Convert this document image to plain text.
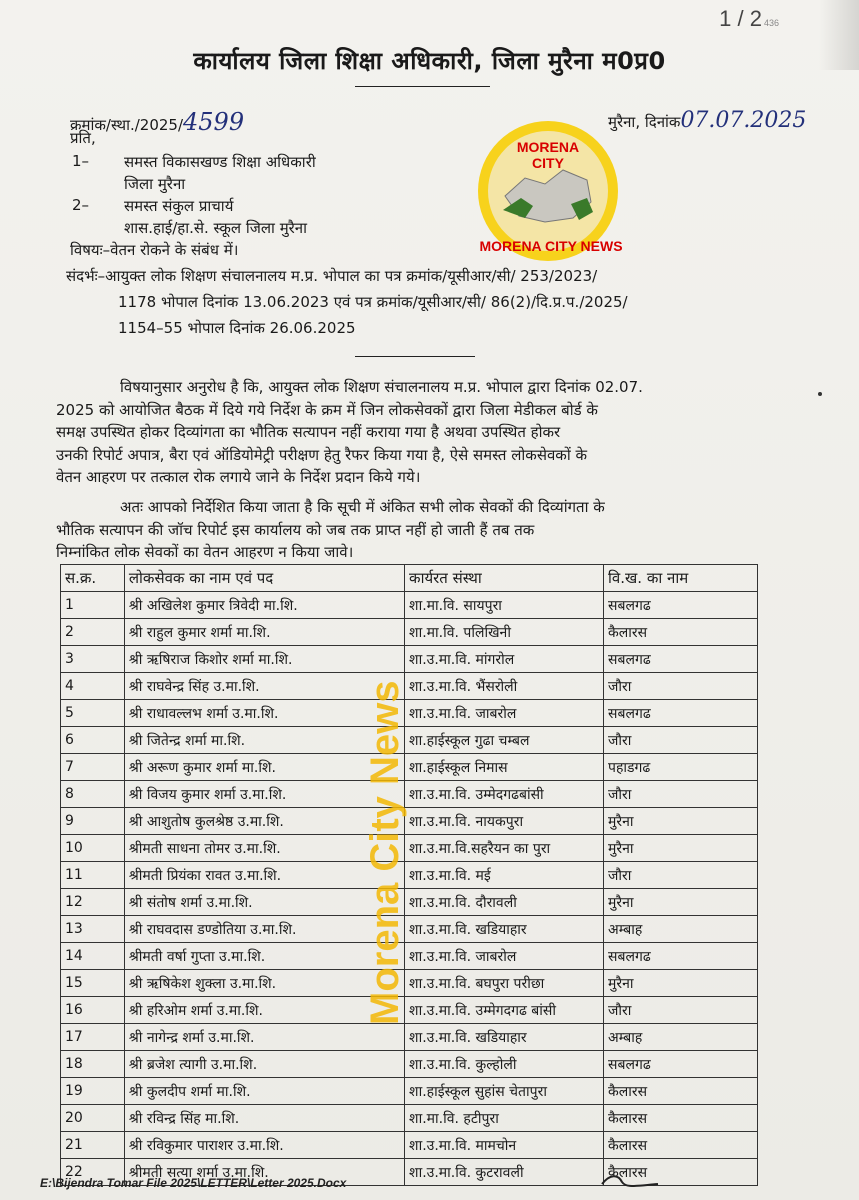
1 / 2 436
कार्यालय जिला शिक्षा अधिकारी, जिला मुरैना म0प्र0
क्रमांक/स्था./2025/4599	मुरैना, दिनांक07.07.2025
प्रति,
1– समस्त विकासखण्ड शिक्षा अधिकारी
जिला मुरैना
2– समस्त संकुल प्राचार्य
शास.हाई/हा.से. स्कूल जिला मुरैना
विषयः–वेतन रोकने के संबंध में।
संदर्भः–आयुक्त लोक शिक्षण संचालनालय म.प्र. भोपाल का पत्र क्रमांक/यूसीआर/सी/ 253/2023/
1178 भोपाल दिनांक 13.06.2023 एवं पत्र क्रमांक/यूसीआर/सी/ 86(2)/दि.प्र.प./2025/
1154–55 भोपाल दिनांक 26.06.2025
MORENA
CITY
MORENA CITY NEWS
विषयानुसार अनुरोध है कि, आयुक्त लोक शिक्षण संचालनालय म.प्र. भोपाल द्वारा दिनांक 02.07.
2025 को आयोजित बैठक में दिये गये निर्देश के क्रम में जिन लोकसेवकों द्वारा जिला मेडीकल बोर्ड के
समक्ष उपस्थित होकर दिव्यांगता का भौतिक सत्यापन नहीं कराया गया है अथवा उपस्थित होकर
उनकी रिपोर्ट अपात्र, बैरा एवं ऑडियोमेट्री परीक्षण हेतु रैफर किया गया है, ऐसे समस्त लोकसेवकों के
वेतन आहरण पर तत्काल रोक लगाये जाने के निर्देश प्रदान किये गये।
अतः आपको निर्देशित किया जाता है कि सूची में अंकित सभी लोक सेवकों की दिव्यांगता के
भौतिक सत्यापन की जॉच रिपोर्ट इस कार्यालय को जब तक प्राप्त नहीं हो जाती हैं तब तक
निम्नांकित लोक सेवकों का वेतन आहरण न किया जावे।
स.क्र.	लोकसेवक का नाम एवं पद	कार्यरत संस्था	वि.ख. का नाम
1	श्री अखिलेश कुमार त्रिवेदी मा.शि.	शा.मा.वि. सायपुरा	सबलगढ
2	श्री राहुल कुमार शर्मा मा.शि.	शा.मा.वि. पलिखिनी	कैलारस
3	श्री ऋषिराज किशोर शर्मा मा.शि.	शा.उ.मा.वि. मांगरोल	सबलगढ
4	श्री राघवेन्द्र सिंह उ.मा.शि.	शा.उ.मा.वि. भैंसरोली	जौरा
5	श्री राधावल्लभ शर्मा उ.मा.शि.	शा.उ.मा.वि. जाबरोल	सबलगढ
6	श्री जितेन्द्र शर्मा मा.शि.	शा.हाईस्कूल गुढा चम्बल	जौरा
7	श्री अरूण कुमार शर्मा मा.शि.	शा.हाईस्कूल निमास	पहाडगढ
8	श्री विजय कुमार शर्मा उ.मा.शि.	शा.उ.मा.वि. उम्मेदगढबांसी	जौरा
9	श्री आशुतोष कुलश्रेष्ठ उ.मा.शि.	शा.उ.मा.वि. नायकपुरा	मुरैना
10	श्रीमती साधना तोमर उ.मा.शि.	शा.उ.मा.वि.सहरैयन का पुरा	मुरैना
11	श्रीमती प्रियंका रावत उ.मा.शि.	शा.उ.मा.वि. मई	जौरा
12	श्री संतोष शर्मा उ.मा.शि.	शा.उ.मा.वि. दौरावली	मुरैना
13	श्री राघवदास डण्डोतिया उ.मा.शि.	शा.उ.मा.वि. खडियाहार	अम्बाह
14	श्रीमती वर्षा गुप्ता उ.मा.शि.	शा.उ.मा.वि. जाबरोल	सबलगढ
15	श्री ऋषिकेश शुक्ला उ.मा.शि.	शा.उ.मा.वि. बघपुरा परीछा	मुरैना
16	श्री हरिओम शर्मा उ.मा.शि.	शा.उ.मा.वि. उम्मेगदगढ बांसी	जौरा
17	श्री नागेन्द्र शर्मा उ.मा.शि.	शा.उ.मा.वि. खडियाहार	अम्बाह
18	श्री ब्रजेश त्यागी उ.मा.शि.	शा.उ.मा.वि. कुल्होली	सबलगढ
19	श्री कुलदीप शर्मा मा.शि.	शा.हाईस्कूल सुहांस चेतापुरा	कैलारस
20	श्री रविन्द्र सिंह मा.शि.	शा.मा.वि. हटीपुरा	कैलारस
21	श्री रविकुमार पाराशर उ.मा.शि.	शा.उ.मा.वि. मामचोन	कैलारस
22	श्रीमती सत्या शर्मा उ.मा.शि.	शा.उ.मा.वि. कुटरावली	कैलारस
Morena City News
E:\Bijendra Tomar File 2025\LETTER\Letter 2025.Docx
